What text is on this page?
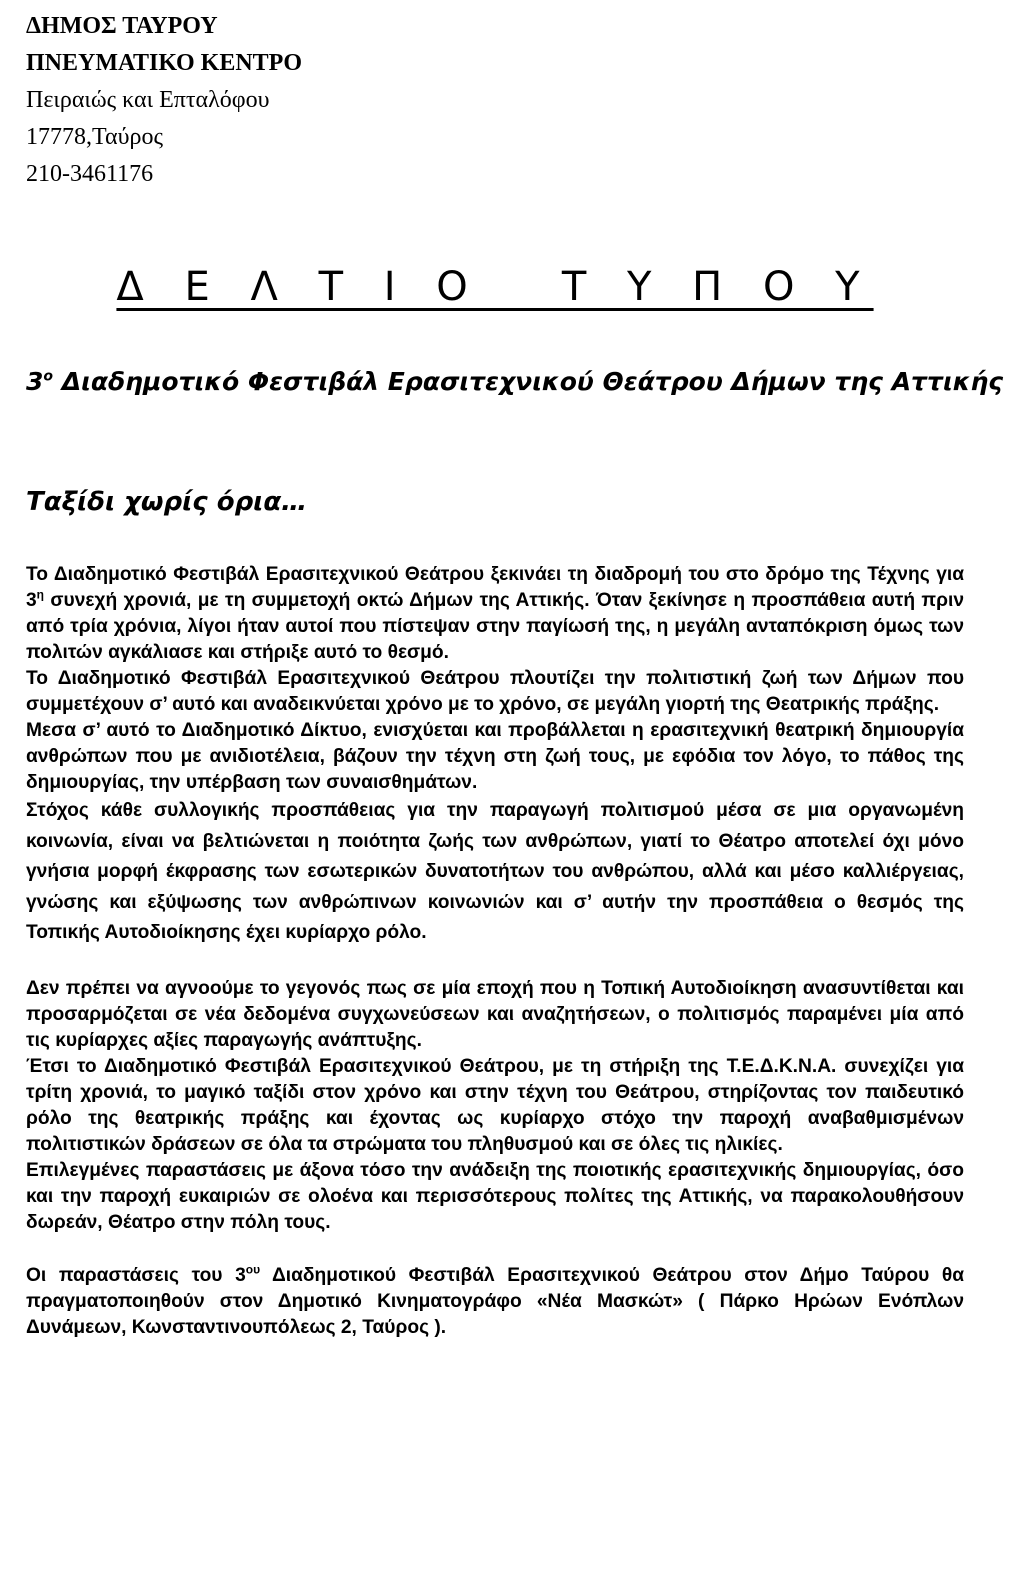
ΔΗΜΟΣ ΤΑΥΡΟΥ
ΠΝΕΥΜΑΤΙΚΟ ΚΕΝΤΡΟ
Πειραιώς και Επταλόφου
17778,Ταύρος
210-3461176
Δ Ε Λ Τ Ι Ο   Τ Υ Π Ο Υ
$3^o$ Διαδημοτικό Φεστιβάλ Ερασιτεχνικού Θεάτρου Δήμων της Αττικής
Ταξίδι χωρίς όρια…

Το Διαδημοτικό Φεστιβάλ Ερασιτεχνικού Θεάτρου ξεκινάει τη διαδρομή του στο δρόμο της Τέχνης για $3^\eta$ συνεχή χρονιά, με τη συμμετοχή οκτώ Δήμων της Αττικής. Όταν ξεκίνησε η προσπάθεια αυτή πριν από τρία χρόνια, λίγοι ήταν αυτοί που πίστεψαν στην παγίωσή της, η μεγάλη ανταπόκριση όμως των πολιτών αγκάλιασε και στήριξε αυτό το θεσμό.

Το Διαδημοτικό Φεστιβάλ Ερασιτεχνικού Θεάτρου πλουτίζει την πολιτιστική ζωή των Δήμων που συμμετέχουν σ’ αυτό και αναδεικνύεται χρόνο με το χρόνο, σε μεγάλη γιορτή της Θεατρικής πράξης.

Μεσα σ’ αυτό το Διαδημοτικό Δίκτυο, ενισχύεται και προβάλλεται η ερασιτεχνική θεατρική δημιουργία ανθρώπων που με ανιδιοτέλεια, βάζουν την τέχνη στη ζωή τους, με εφόδια τον λόγο, το πάθος της δημιουργίας, την υπέρβαση των συναισθημάτων.

Στόχος κάθε συλλογικής προσπάθειας για την παραγωγή πολιτισμού μέσα σε μια οργανωμένη κοινωνία, είναι να βελτιώνεται η ποιότητα ζωής των ανθρώπων, γιατί το Θέατρο αποτελεί όχι μόνο γνήσια μορφή έκφρασης των εσωτερικών δυνατοτήτων του ανθρώπου, αλλά και μέσο καλλιέργειας, γνώσης και εξύψωσης των ανθρώπινων κοινωνιών και σ’ αυτήν την προσπάθεια ο θεσμός της Τοπικής Αυτοδιοίκησης έχει κυρίαρχο ρόλο.

Δεν πρέπει να αγνοούμε το γεγονός πως σε μία εποχή που η Τοπική Αυτοδιοίκηση ανασυντίθεται και προσαρμόζεται σε νέα δεδομένα συγχωνεύσεων και αναζητήσεων, ο πολιτισμός παραμένει μία από τις κυρίαρχες αξίες παραγωγής ανάπτυξης.

Έτσι το Διαδημοτικό Φεστιβάλ Ερασιτεχνικού Θεάτρου, με τη στήριξη της Τ.Ε.Δ.Κ.Ν.Α. συνεχίζει για τρίτη χρονιά, το μαγικό ταξίδι στον χρόνο και στην τέχνη του Θεάτρου, στηρίζοντας τον παιδευτικό ρόλο της θεατρικής πράξης και έχοντας ως κυρίαρχο στόχο την παροχή αναβαθμισμένων πολιτιστικών δράσεων σε όλα τα στρώματα του πληθυσμού και σε όλες τις ηλικίες.

Επιλεγμένες παραστάσεις με άξονα τόσο την ανάδειξη της ποιοτικής ερασιτεχνικής δημιουργίας, όσο και την παροχή ευκαιριών σε ολοένα και περισσότερους πολίτες της Αττικής, να παρακολουθήσουν δωρεάν, Θέατρο στην πόλη τους.

Οι παραστάσεις του $3^{o\upsilon}$ Διαδημοτικού Φεστιβάλ Ερασιτεχνικού Θεάτρου στον Δήμο Ταύρου θα πραγματοποιηθούν στον Δημοτικό Κινηματογράφο «Νέα Μασκώτ» ( Πάρκο Ηρώων Ενόπλων Δυνάμεων, Κωνσταντινουπόλεως 2, Ταύρος ).
